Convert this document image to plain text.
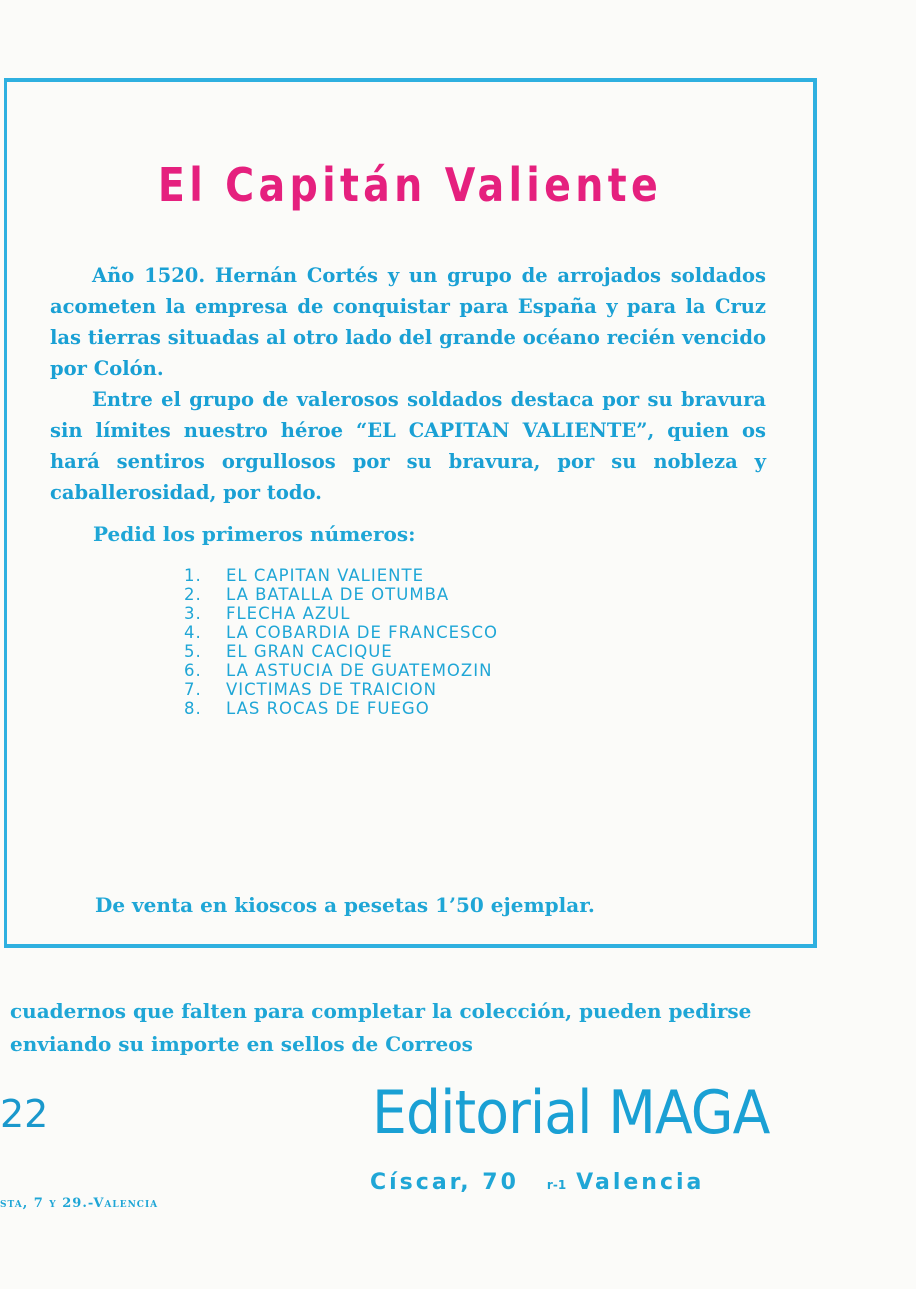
El Capitán Valiente

Año 1520. Hernán Cortés y un grupo de arrojados soldados acometen la empresa de conquistar para España y para la Cruz las tierras situadas al otro lado del grande océano recién vencido por Colón.

Entre el grupo de valerosos soldados destaca por su bravura sin límites nuestro héroe “EL CAPITAN VALIENTE”, quien os hará sentiros orgullosos por su bravura, por su nobleza y caballerosidad, por todo.

Pedid los primeros números:
1. EL CAPITAN VALIENTE
2. LA BATALLA DE OTUMBA
3. FLECHA AZUL
4. LA COBARDIA DE FRANCESCO
5. EL GRAN CACIQUE
6. LA ASTUCIA DE GUATEMOZIN
7. VICTIMAS DE TRAICION
8. LAS ROCAS DE FUEGO
De venta en kioscos a pesetas 1’50 ejemplar.
cuadernos que falten para completar la colección, pueden pedirse
enviando su importe en sellos de Correos
22
sta, 7 y 29.-Valencia
Editorial MAGA
Císcar, 70 r-1 Valencia
